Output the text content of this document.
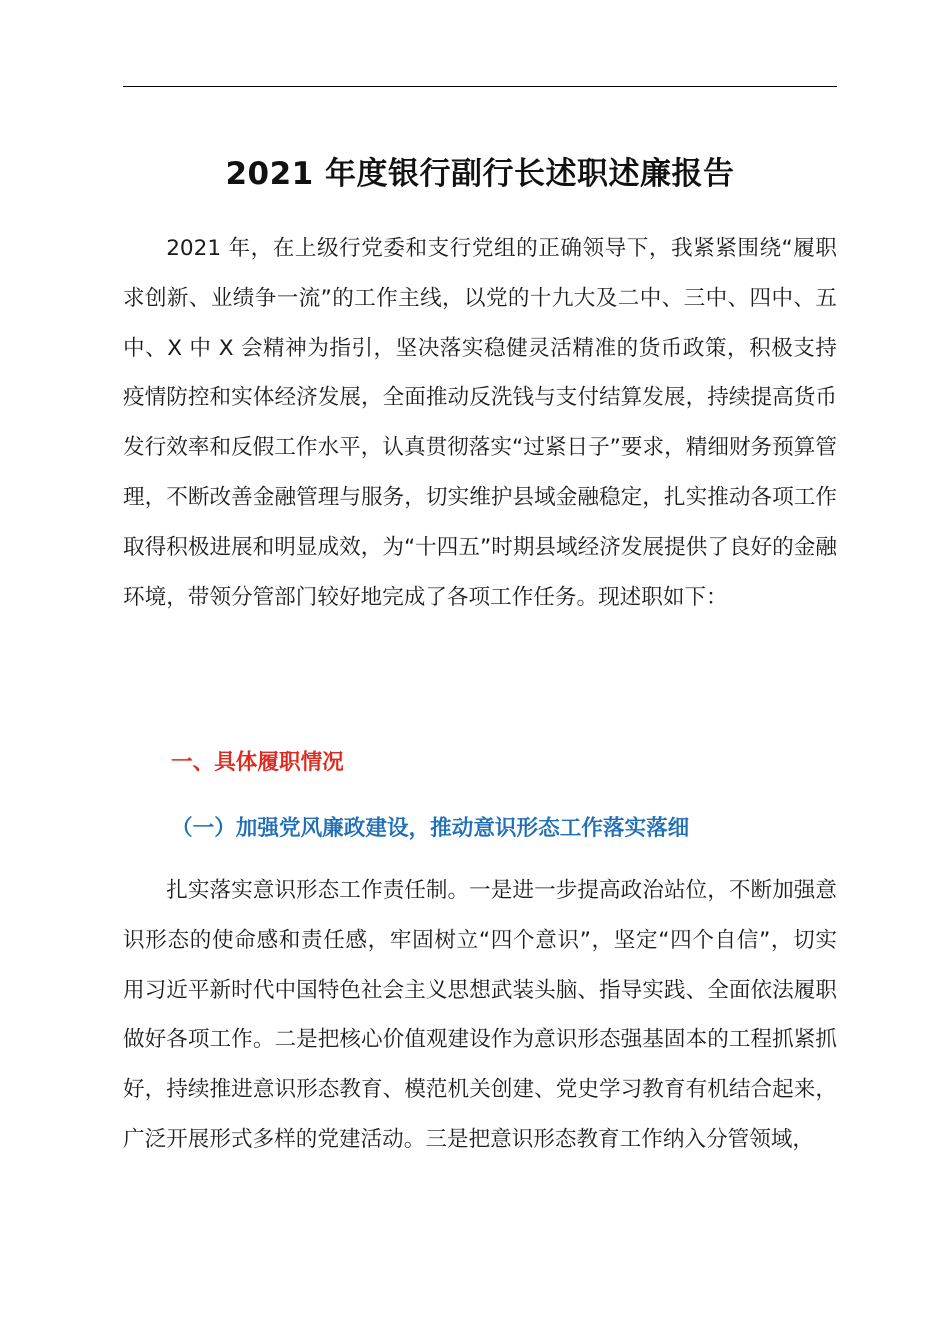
2021 年度银行副行长述职述廉报告

2021 年，在上级行党委和支行党组的正确领导下，我紧紧围绕“履职求创新、业绩争一流”的工作主线，以党的十九大及二中、三中、四中、五中、X 中 X 会精神为指引，坚决落实稳健灵活精准的货币政策，积极支持疫情防控和实体经济发展，全面推动反洗钱与支付结算发展，持续提高货币发行效率和反假工作水平，认真贯彻落实“过紧日子”要求，精细财务预算管理，不断改善金融管理与服务，切实维护县域金融稳定，扎实推动各项工作取得积极进展和明显成效，为“十四五”时期县域经济发展提供了良好的金融环境，带领分管部门较好地完成了各项工作任务。现述职如下：

一、具体履职情况
（一）加强党风廉政建设，推动意识形态工作落实落细

扎实落实意识形态工作责任制。一是进一步提高政治站位，不断加强意识形态的使命感和责任感，牢固树立“四个意识”，坚定“四个自信”，切实用习近平新时代中国特色社会主义思想武装头脑、指导实践、全面依法履职做好各项工作。二是把核心价值观建设作为意识形态强基固本的工程抓紧抓好，持续推进意识形态教育、模范机关创建、党史学习教育有机结合起来，广泛开展形式多样的党建活动。三是把意识形态教育工作纳入分管领域，
